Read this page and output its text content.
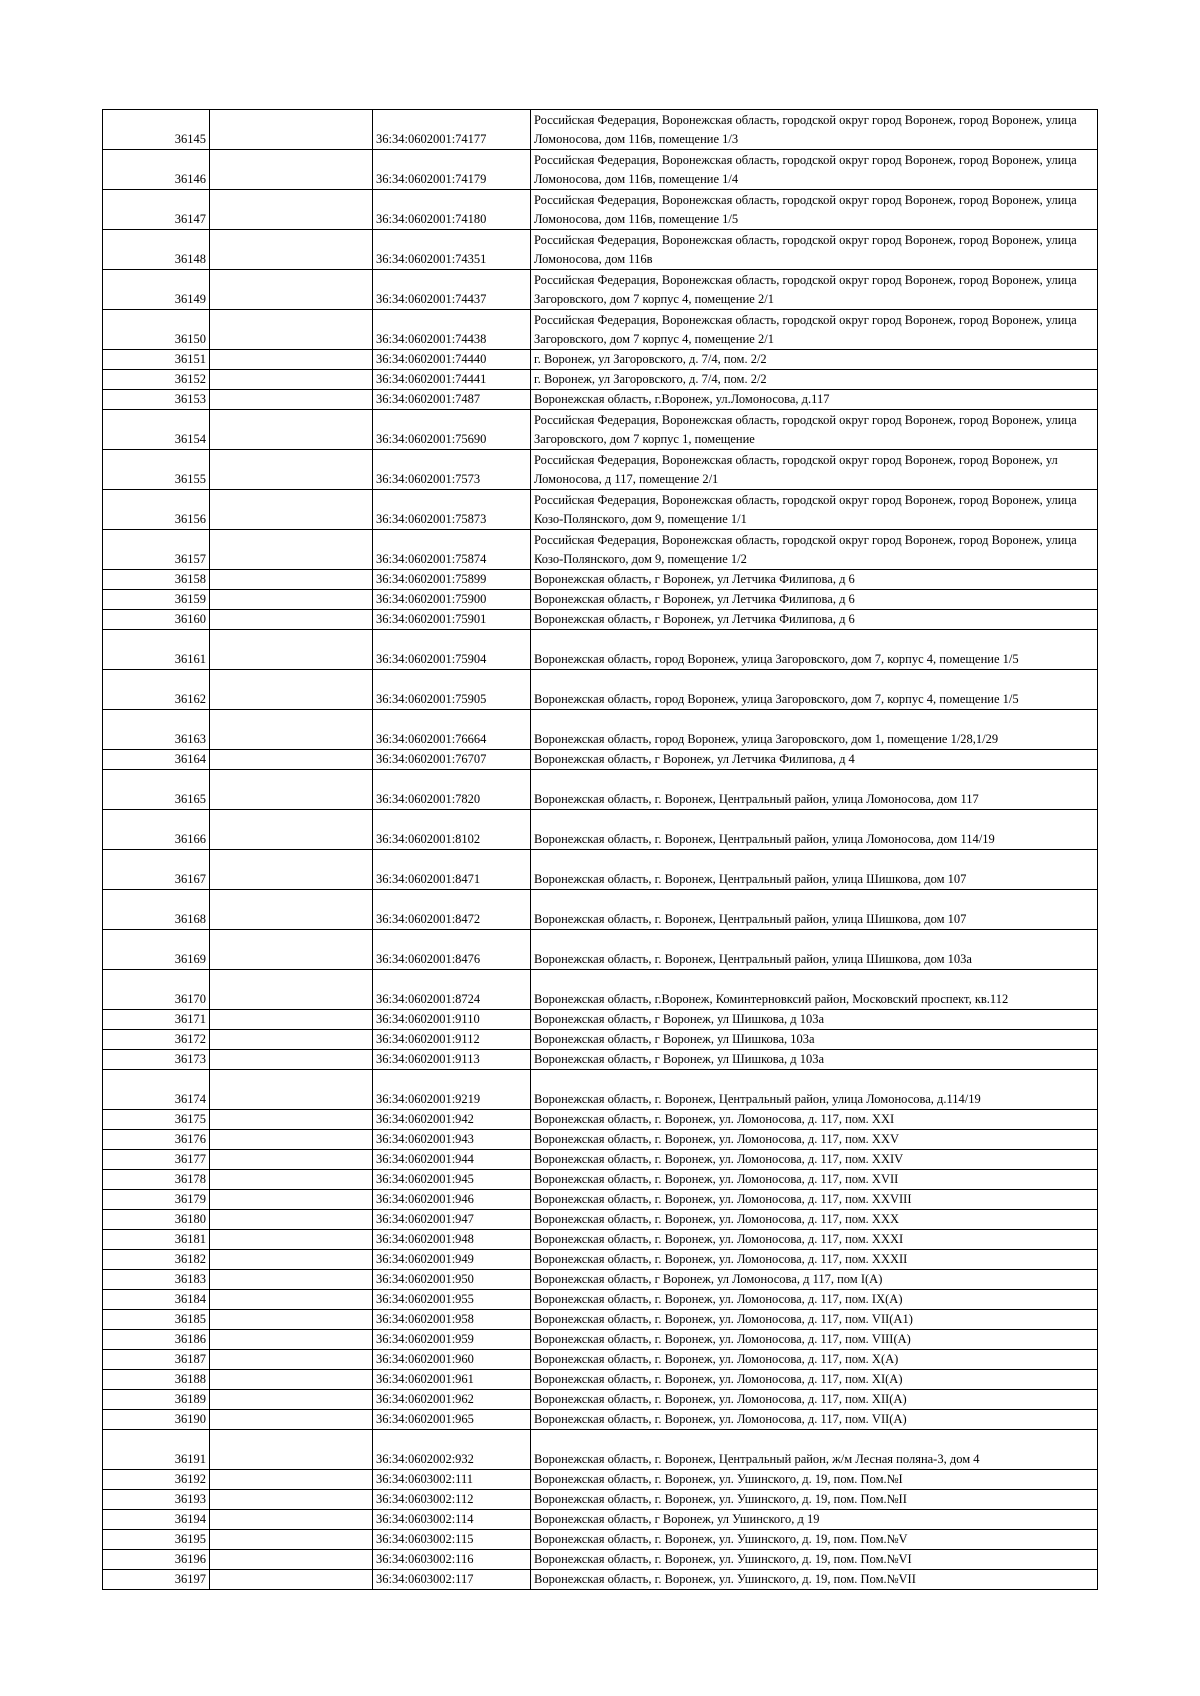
36145		36:34:0602001:74177	Российская Федерация, Воронежская область, городской округ город Воронеж, город Воронеж, улица Ломоносова, дом 116в, помещение 1/3
36146		36:34:0602001:74179	Российская Федерация, Воронежская область, городской округ город Воронеж, город Воронеж, улица Ломоносова, дом 116в, помещение 1/4
36147		36:34:0602001:74180	Российская Федерация, Воронежская область, городской округ город Воронеж, город Воронеж, улица Ломоносова, дом 116в, помещение 1/5
36148		36:34:0602001:74351	Российская Федерация, Воронежская область, городской округ город Воронеж, город Воронеж, улица Ломоносова, дом 116в
36149		36:34:0602001:74437	Российская Федерация, Воронежская область, городской округ город Воронеж, город Воронеж, улица Загоровского, дом 7 корпус 4, помещение 2/1
36150		36:34:0602001:74438	Российская Федерация, Воронежская область, городской округ город Воронеж, город Воронеж, улица Загоровского, дом 7 корпус 4, помещение 2/1
36151		36:34:0602001:74440	г. Воронеж, ул Загоровского, д. 7/4, пом. 2/2
36152		36:34:0602001:74441	г. Воронеж, ул Загоровского, д. 7/4, пом. 2/2
36153		36:34:0602001:7487	Воронежская область, г.Воронеж, ул.Ломоносова, д.117
36154		36:34:0602001:75690	Российская Федерация, Воронежская область, городской округ город Воронеж, город Воронеж, улица Загоровского, дом 7 корпус 1, помещение
36155		36:34:0602001:7573	Российская Федерация, Воронежская область, городской округ город Воронеж, город Воронеж, ул Ломоносова, д 117, помещение 2/1
36156		36:34:0602001:75873	Российская Федерация, Воронежская область, городской округ город Воронеж, город Воронеж, улица Козо-Полянского, дом 9, помещение 1/1
36157		36:34:0602001:75874	Российская Федерация, Воронежская область, городской округ город Воронеж, город Воронеж, улица Козо-Полянского, дом 9, помещение 1/2
36158		36:34:0602001:75899	Воронежская область, г Воронеж, ул Летчика Филипова, д 6
36159		36:34:0602001:75900	Воронежская область, г Воронеж, ул Летчика Филипова, д 6
36160		36:34:0602001:75901	Воронежская область, г Воронеж, ул Летчика Филипова, д 6
36161		36:34:0602001:75904	Воронежская область, город Воронеж, улица Загоровского, дом 7, корпус 4, помещение 1/5
36162		36:34:0602001:75905	Воронежская область, город Воронеж, улица Загоровского, дом 7, корпус 4, помещение 1/5
36163		36:34:0602001:76664	Воронежская область, город Воронеж, улица Загоровского, дом 1, помещение 1/28,1/29
36164		36:34:0602001:76707	Воронежская область, г Воронеж, ул Летчика Филипова, д 4
36165		36:34:0602001:7820	Воронежская область, г. Воронеж, Центральный район, улица Ломоносова, дом 117
36166		36:34:0602001:8102	Воронежская область, г. Воронеж, Центральный район, улица Ломоносова, дом 114/19
36167		36:34:0602001:8471	Воронежская область, г. Воронеж, Центральный район, улица Шишкова, дом 107
36168		36:34:0602001:8472	Воронежская область, г. Воронеж, Центральный район, улица Шишкова, дом 107
36169		36:34:0602001:8476	Воронежская область, г. Воронеж, Центральный район, улица Шишкова, дом 103а
36170		36:34:0602001:8724	Воронежская область, г.Воронеж, Коминтерновксий район, Московский проспект, кв.112
36171		36:34:0602001:9110	Воронежская область, г Воронеж, ул Шишкова, д 103а
36172		36:34:0602001:9112	Воронежская область, г Воронеж, ул Шишкова, 103а
36173		36:34:0602001:9113	Воронежская область, г Воронеж, ул Шишкова, д 103а
36174		36:34:0602001:9219	Воронежская область, г. Воронеж, Центральный район, улица Ломоносова, д.114/19
36175		36:34:0602001:942	Воронежская область, г. Воронеж, ул. Ломоносова, д. 117, пом. XXI
36176		36:34:0602001:943	Воронежская область, г. Воронеж, ул. Ломоносова, д. 117, пом. XXV
36177		36:34:0602001:944	Воронежская область, г. Воронеж, ул. Ломоносова, д. 117, пом. XXIV
36178		36:34:0602001:945	Воронежская область, г. Воронеж, ул. Ломоносова, д. 117, пом. XVII
36179		36:34:0602001:946	Воронежская область, г. Воронеж, ул. Ломоносова, д. 117, пом. XXVIII
36180		36:34:0602001:947	Воронежская область, г. Воронеж, ул. Ломоносова, д. 117, пом. XXX
36181		36:34:0602001:948	Воронежская область, г. Воронеж, ул. Ломоносова, д. 117, пом. XXXI
36182		36:34:0602001:949	Воронежская область, г. Воронеж, ул. Ломоносова, д. 117, пом. XXXII
36183		36:34:0602001:950	Воронежская область, г Воронеж, ул Ломоносова, д 117, пом I(А)
36184		36:34:0602001:955	Воронежская область, г. Воронеж, ул. Ломоносова, д. 117, пом. IX(А)
36185		36:34:0602001:958	Воронежская область, г. Воронеж, ул. Ломоносова, д. 117, пом. VII(А1)
36186		36:34:0602001:959	Воронежская область, г. Воронеж, ул. Ломоносова, д. 117, пом. VIII(А)
36187		36:34:0602001:960	Воронежская область, г. Воронеж, ул. Ломоносова, д. 117, пом. X(А)
36188		36:34:0602001:961	Воронежская область, г. Воронеж, ул. Ломоносова, д. 117, пом. XI(А)
36189		36:34:0602001:962	Воронежская область, г. Воронеж, ул. Ломоносова, д. 117, пом. XII(А)
36190		36:34:0602001:965	Воронежская область, г. Воронеж, ул. Ломоносова, д. 117, пом. VII(А)
36191		36:34:0602002:932	Воронежская область, г. Воронеж, Центральный район, ж/м Лесная поляна-3, дом 4
36192		36:34:0603002:111	Воронежская область, г. Воронеж, ул. Ушинского, д. 19, пом. Пом.№I
36193		36:34:0603002:112	Воронежская область, г. Воронеж, ул. Ушинского, д. 19, пом. Пом.№II
36194		36:34:0603002:114	Воронежская область, г Воронеж, ул Ушинского, д 19
36195		36:34:0603002:115	Воронежская область, г. Воронеж, ул. Ушинского, д. 19, пом. Пом.№V
36196		36:34:0603002:116	Воронежская область, г. Воронеж, ул. Ушинского, д. 19, пом. Пом.№VI
36197		36:34:0603002:117	Воронежская область, г. Воронеж, ул. Ушинского, д. 19, пом. Пом.№VII
